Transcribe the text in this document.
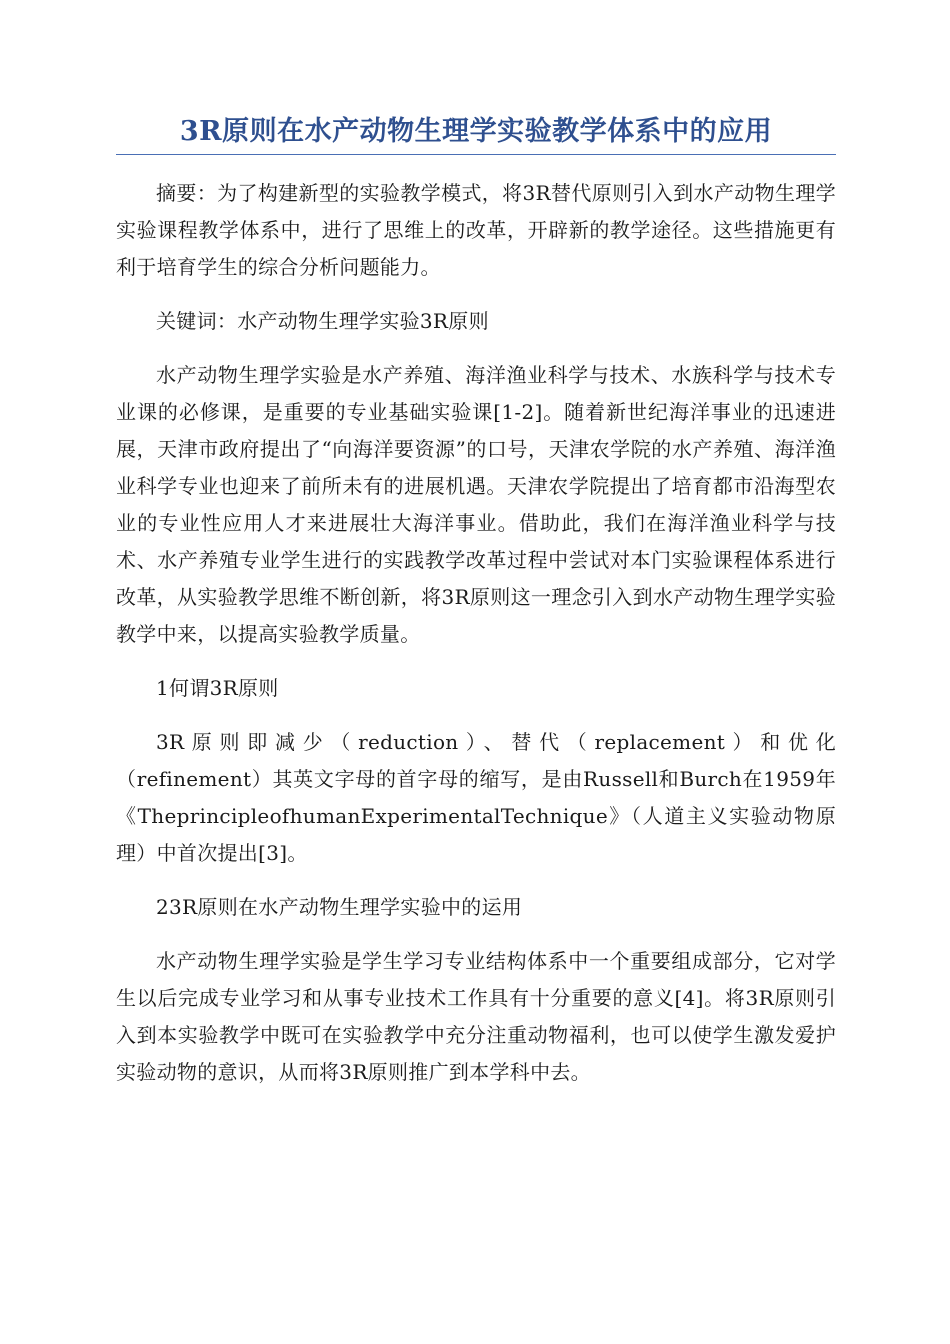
3R原则在水产动物生理学实验教学体系中的应用

摘要：为了构建新型的实验教学模式，将3R替代原则引入到水产动物生理学实验课程教学体系中，进行了思维上的改革，开辟新的教学途径。这些措施更有利于培育学生的综合分析问题能力。

关键词：水产动物生理学实验3R原则

水产动物生理学实验是水产养殖、海洋渔业科学与技术、水族科学与技术专业课的必修课，是重要的专业基础实验课[1-2]。随着新世纪海洋事业的迅速进展，天津市政府提出了“向海洋要资源”的口号，天津农学院的水产养殖、海洋渔业科学专业也迎来了前所未有的进展机遇。天津农学院提出了培育都市沿海型农业的专业性应用人才来进展壮大海洋事业。借助此，我们在海洋渔业科学与技术、水产养殖专业学生进行的实践教学改革过程中尝试对本门实验课程体系进行改革，从实验教学思维不断创新，将3R原则这一理念引入到水产动物生理学实验教学中来，以提高实验教学质量。

1何谓3R原则

3R原则即减少（reduction）、替代（replacement）和优化（refinement）其英文字母的首字母的缩写，是由Russell和Burch在1959年《TheprincipleofhumanExperimentalTechnique》（人道主义实验动物原理）中首次提出[3]。

23R原则在水产动物生理学实验中的运用

水产动物生理学实验是学生学习专业结构体系中一个重要组成部分，它对学生以后完成专业学习和从事专业技术工作具有十分重要的意义[4]。将3R原则引入到本实验教学中既可在实验教学中充分注重动物福利，也可以使学生激发爱护实验动物的意识，从而将3R原则推广到本学科中去。
